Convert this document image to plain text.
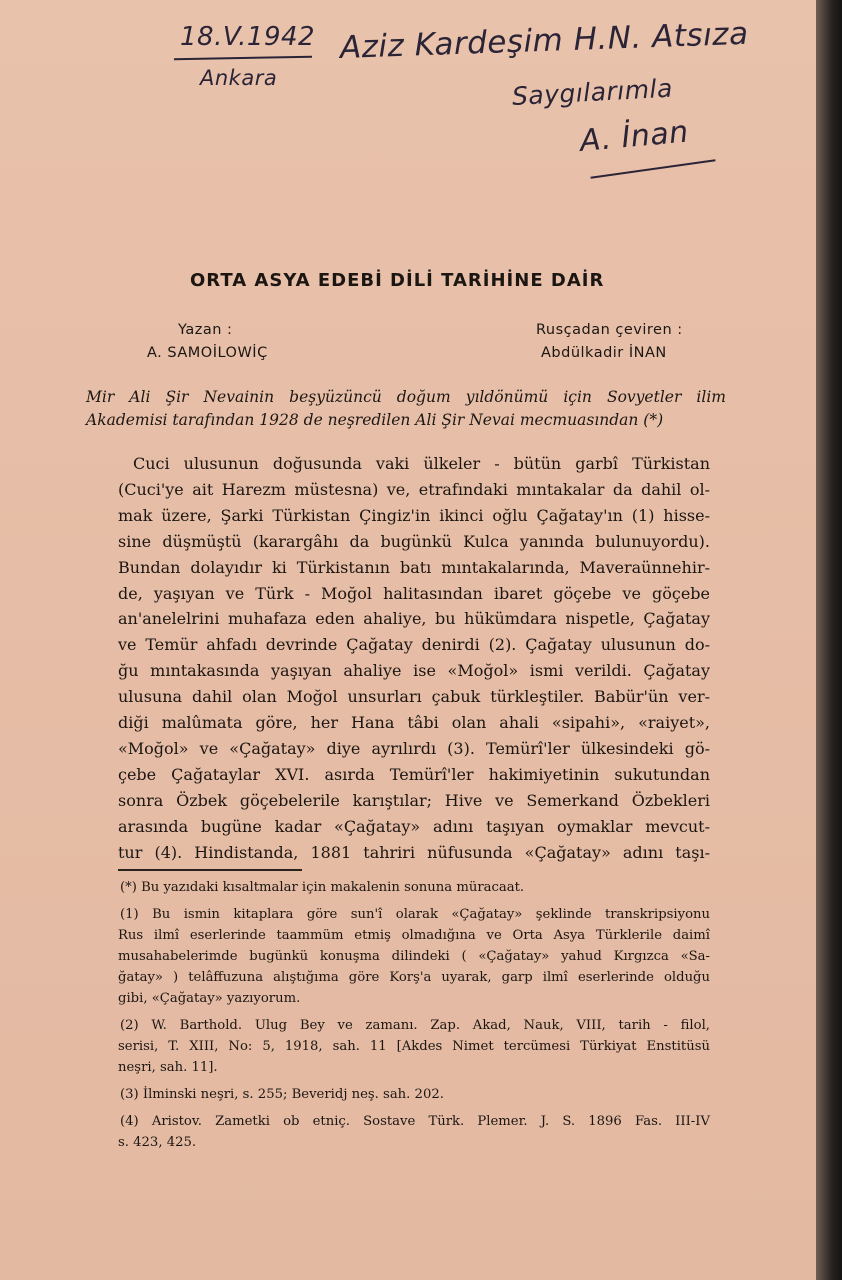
18.V.1942
Ankara
Aziz Kardeşim H.N. Atsıza
Saygılarımla
A. İnan
ORTA ASYA EDEBİ DİLİ TARİHİNE DAİR
Yazan :
A. SAMOİLOWİÇ
Rusçadan çeviren :
Abdülkadir İNAN
Mir Ali Şir Nevainin beşyüzüncü doğum yıldönümü için Sovyetler ilim
Akademisi tarafından 1928 de neşredilen Ali Şir Nevai mecmuasından (*)
Cuci ulusunun doğusunda vaki ülkeler - bütün garbî Türkistan
(Cuci'ye ait Harezm müstesna) ve, etrafındaki mıntakalar da dahil ol-
mak üzere, Şarki Türkistan Çingiz'in ikinci oğlu Çağatay'ın (1) hisse-
sine düşmüştü (karargâhı da bugünkü Kulca yanında bulunuyordu).
Bundan dolayıdır ki Türkistanın batı mıntakalarında, Maveraünnehir-
de, yaşıyan ve Türk - Moğol halitasından ibaret göçebe ve göçebe
an'anelelrini muhafaza eden ahaliye, bu hükümdara nispetle, Çağatay
ve Temür ahfadı devrinde Çağatay denirdi (2). Çağatay ulusunun do-
ğu mıntakasında yaşıyan ahaliye ise «Moğol» ismi verildi. Çağatay
ulusuna dahil olan Moğol unsurları çabuk türkleştiler. Babür'ün ver-
diği malûmata göre, her Hana tâbi olan ahali «sipahi», «raiyet»,
«Moğol» ve «Çağatay» diye ayrılırdı (3). Temürî'ler ülkesindeki gö-
çebe Çağataylar XVI. asırda Temürî'ler hakimiyetinin sukutundan
sonra Özbek göçebelerile karıştılar; Hive ve Semerkand Özbekleri
arasında bugüne kadar «Çağatay» adını taşıyan oymaklar mevcut-
tur (4). Hindistanda, 1881 tahriri nüfusunda «Çağatay» adını taşı-
(*) Bu yazıdaki kısaltmalar için makalenin sonuna müracaat.
(1) Bu ismin kitaplara göre sun'î olarak «Çağatay» şeklinde transkripsiyonu
Rus ilmî eserlerinde taammüm etmiş olmadığına ve Orta Asya Türklerile daimî
musahabelerimde bugünkü konuşma dilindeki ( «Çağatay» yahud Kırgızca «Sa-
ğatay» ) telâffuzuna alıştığıma göre Korş'a uyarak, garp ilmî eserlerinde olduğu
gibi, «Çağatay» yazıyorum.
(2) W. Barthold. Ulug Bey ve zamanı. Zap. Akad, Nauk, VIII, tarih - filol,
serisi, T. XIII, No: 5, 1918, sah. 11 [Akdes Nimet tercümesi Türkiyat Enstitüsü
neşri, sah. 11].
(3) İlminski neşri, s. 255; Beveridj neş. sah. 202.
(4) Aristov. Zametki ob etniç. Sostave Türk. Plemer. J. S. 1896 Fas. III-IV
s. 423, 425.
